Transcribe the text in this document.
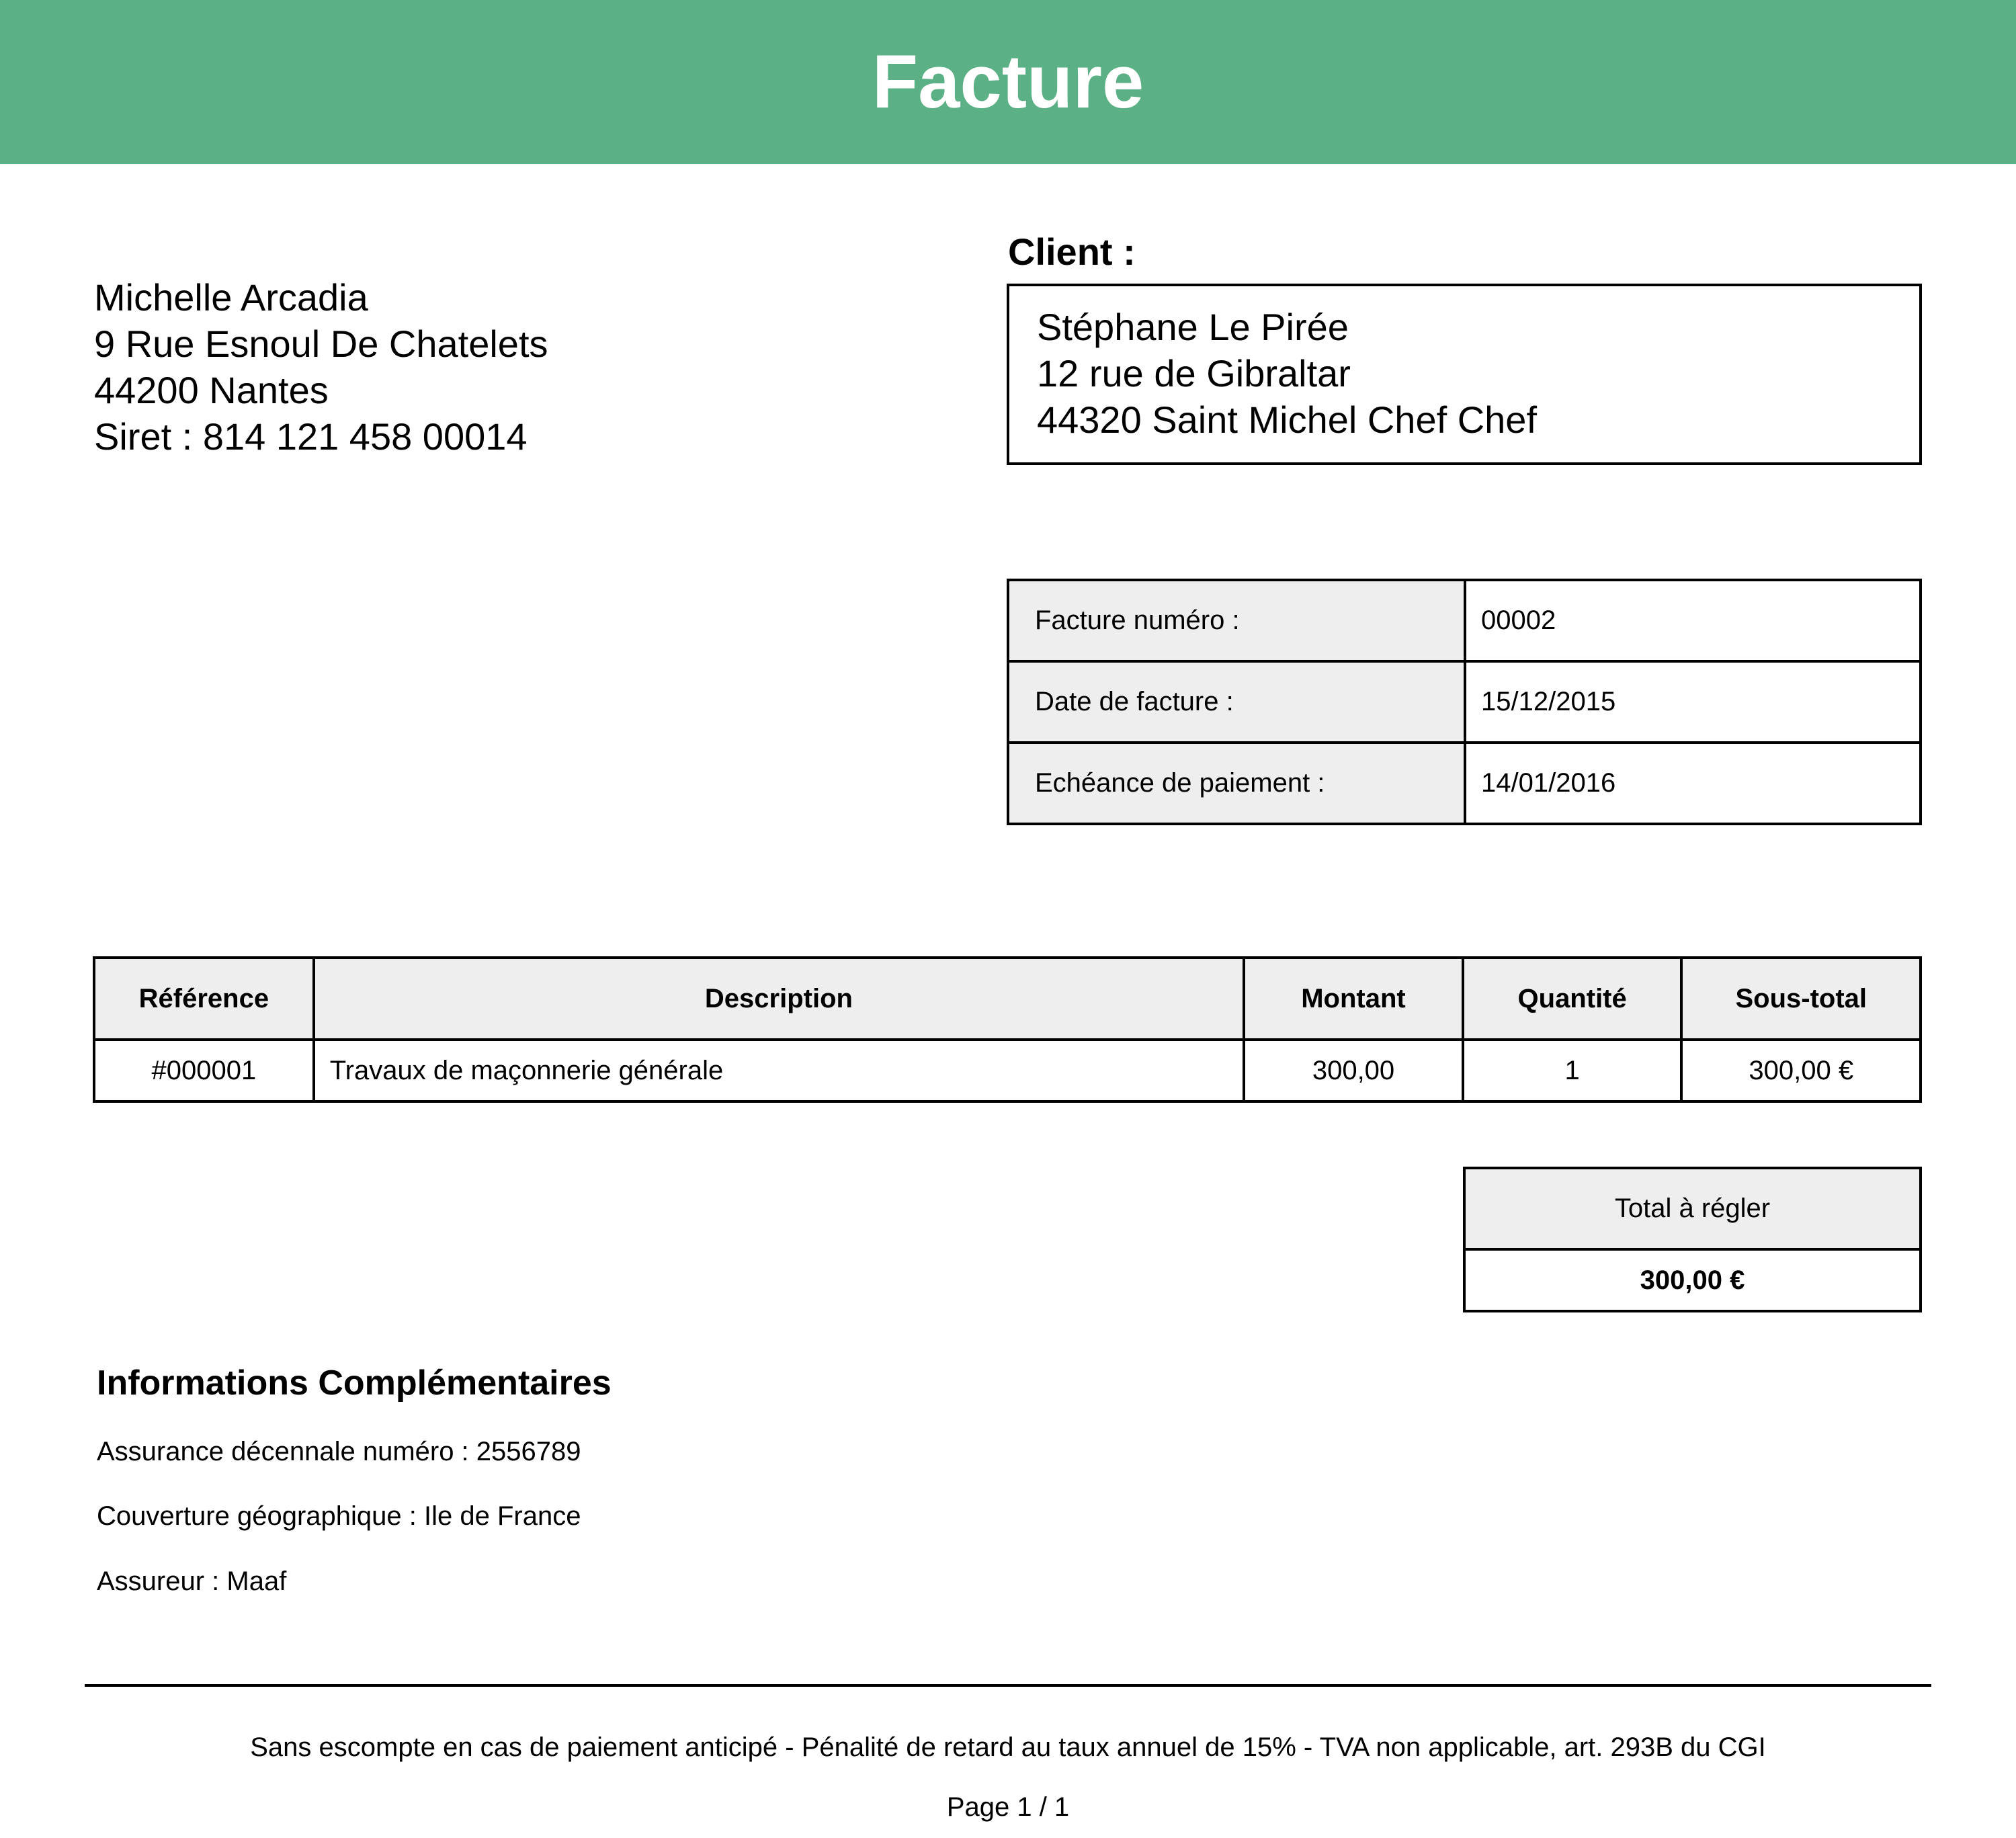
Facture
Michelle Arcadia
9 Rue Esnoul De Chatelets
44200 Nantes
Siret : 814 121 458 00014
Client :
Stéphane Le Pirée
12 rue de Gibraltar
44320 Saint Michel Chef Chef
Facture numéro :	00002
Date de facture :	15/12/2015
Echéance de paiement :	14/01/2016
Référence	Description	Montant	Quantité	Sous-total
#000001	Travaux de maçonnerie générale	300,00	1	300,00 €
Total à régler
300,00 €
Informations Complémentaires
Assurance décennale numéro : 2556789
Couverture géographique : Ile de France
Assureur : Maaf
Sans escompte en cas de paiement anticipé - Pénalité de retard au taux annuel de 15% - TVA non applicable, art. 293B du CGI
Page 1 / 1
